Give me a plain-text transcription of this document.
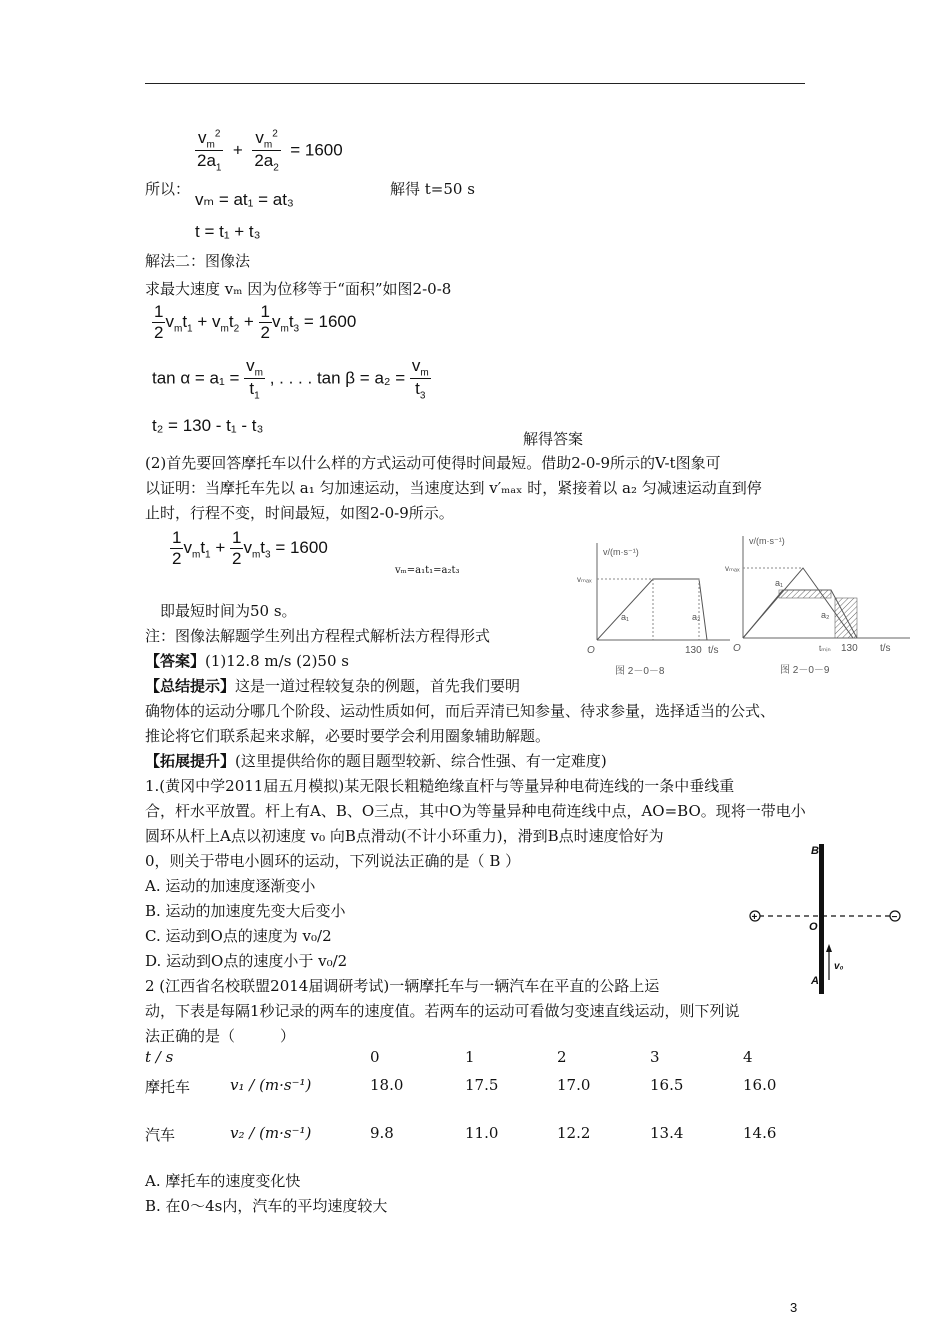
$\frac{v_m^2}{2a_1} + \frac{v_m^2}{2a_2} = 1600$
所以：	解得 t=50 s
vₘ = at₁ = at₃
t = t₁ + t₃
解法二：图像法
求最大速度 vₘ 因为位移等于“面积”如图2-0-8
$\frac{1}{2} v_mt_1 + v_mt_2 + \frac{1}{2} v_mt_3 = 1600$
$\tan \alpha = a_1 = \frac{v_m}{t_1}$ , . . . . $\tan \beta = a_2 = \frac{v_m}{t_3}$
t₂ = 130 - t₁ - t₃
解得答案
(2)首先要回答摩托车以什么样的方式运动可使得时间最短。借助2-0-9所示的V-t图象可
以证明：当摩托车先以 a₁ 匀加速运动，当速度达到 v′ₘₐₓ 时，紧接着以 a₂ 匀减速运动直到停
止时，行程不变，时间最短，如图2-0-9所示。
$\frac{1}{2} v_mt_1 + \frac{1}{2} v_mt_3 = 1600$
vₘ=a₁t₁=a₂t₃
即最短时间为50 s。
注：图像法解题学生列出方程程式解析法方程得形式
【答案】(1)12.8 m/s (2)50 s
【总结提示】这是一道过程较复杂的例题，首先我们要明
确物体的运动分哪几个阶段、运动性质如何，而后弄清已知参量、待求参量，选择适当的公式、
推论将它们联系起来求解，必要时要学会利用圈象辅助解题。
【拓展提升】(这里提供给你的题目题型较新、综合性强、有一定难度)
1.(黄冈中学2011届五月模拟)某无限长粗糙绝缘直杆与等量异种电荷连线的一条中垂线重
合，杆水平放置。杆上有A、B、O三点，其中O为等量异种电荷连线中点，AO=BO。现将一带电小
圆环从杆上A点以初速度 v₀ 向B点滑动(不计小环重力)，滑到B点时速度恰好为
0，则关于带电小圆环的运动，下列说法正确的是（ B ）
A. 运动的加速度逐渐变小
B. 运动的加速度先变大后变小
C. 运动到O点的速度为 v₀/2
D. 运动到O点的速度小于 v₀/2
2 (江西省名校联盟2014届调研考试)一辆摩托车与一辆汽车在平直的公路上运
动，下表是每隔1秒记录的两车的速度值。若两车的运动可看做匀变速直线运动，则下列说
法正确的是（　　　）
t / s	0	1	2	3	4
摩托车	v₁ / (m·s⁻¹)	18.0	17.5	17.0	16.5	16.0
汽车	v₂ / (m·s⁻¹)	9.8	11.0	12.2	13.4	14.6
A. 摩托车的速度变化快
B. 在0～4s内，汽车的平均速度较大
3
v/(m·s⁻¹)
vₘₐₓ
a₁	a₂
O	130 t/s
图 2－0－8
v/(m·s⁻¹)
vₘₐₓ
a₁
a₂
O	tₘᵢₙ 130 t/s
图 2－0－9
+	−
B
O
A
v₀
